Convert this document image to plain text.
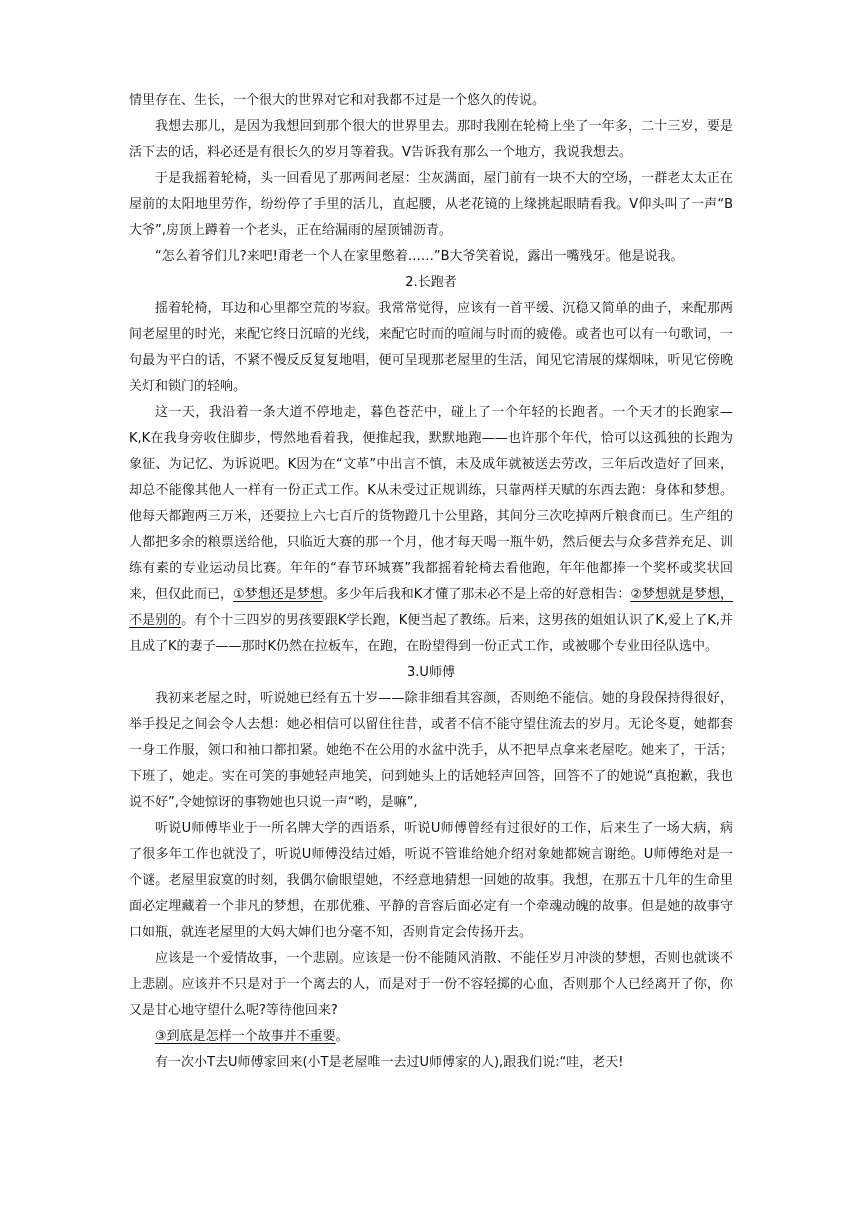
情里存在、生长，一个很大的世界对它和对我都不过是一个悠久的传说。

我想去那儿，是因为我想回到那个很大的世界里去。那时我刚在轮椅上坐了一年多，二十三岁，要是活下去的话，料必还是有很长久的岁月等着我。V告诉我有那么一个地方，我说我想去。

于是我摇着轮椅，头一回看见了那两间老屋：尘灰满面，屋门前有一块不大的空场，一群老太太正在屋前的太阳地里劳作，纷纷停了手里的活儿，直起腰，从老花镜的上缘挑起眼睛看我。V仰头叫了一声“B大爷”,房顶上蹲着一个老头，正在给漏雨的屋顶铺沥青。

“怎么着爷们儿?来吧!甭老一个人在家里憋着……”B大爷笑着说，露出一嘴残牙。他是说我。

2.长跑者

摇着轮椅，耳边和心里都空荒的岑寂。我常常觉得，应该有一首平缓、沉稳又简单的曲子，来配那两间老屋里的时光，来配它终日沉暗的光线，来配它时而的喧闹与时而的疲倦。或者也可以有一句歌词，一句最为平白的话，不紧不慢反反复复地唱，便可呈现那老屋里的生活，闻见它清展的煤烟味，听见它傍晚关灯和锁门的轻响。

这一天，我沿着一条大道不停地走，暮色苍茫中，碰上了一个年轻的长跑者。一个天才的长跑家—K,K在我身旁收住脚步，愕然地看着我，便推起我，默默地跑——也许那个年代，恰可以这孤独的长跑为象征、为记忆、为诉说吧。K因为在“文革”中出言不慎，未及成年就被送去劳改，三年后改造好了回来，却总不能像其他人一样有一份正式工作。K从未受过正规训练，只靠两样天赋的东西去跑：身体和梦想。他每天都跑两三万米，还要拉上六七百斤的货物蹬几十公里路，其间分三次吃掉两斤粮食而已。生产组的人都把多余的粮票送给他，只临近大赛的那一个月，他才每天喝一瓶牛奶，然后便去与众多营养充足、训练有素的专业运动员比赛。年年的“春节环城赛”我都摇着轮椅去看他跑，年年他都捧一个奖杯或奖状回来，但仅此而已，①梦想还是梦想。多少年后我和K才懂了那未必不是上帝的好意相告：②梦想就是梦想，不是别的。有个十三四岁的男孩要跟K学长跑，K便当起了教练。后来，这男孩的姐姐认识了K,爱上了K,并且成了K的妻子——那时K仍然在拉板车，在跑，在盼望得到一份正式工作，或被哪个专业田径队选中。

3.U师傅

我初来老屋之时，听说她已经有五十岁——除非细看其容颜，否则绝不能信。她的身段保持得很好，举手投足之间会令人去想：她必相信可以留住往昔，或者不信不能守望住流去的岁月。无论冬夏，她都套一身工作服，领口和袖口都扣紧。她绝不在公用的水盆中洗手，从不把早点拿来老屋吃。她来了，干活；下班了，她走。实在可笑的事她轻声地笑，问到她头上的话她轻声回答，回答不了的她说“真抱歉，我也说不好”,令她惊讶的事物她也只说一声“哟，是嘛”,

听说U师傅毕业于一所名牌大学的西语系，听说U师傅曾经有过很好的工作，后来生了一场大病，病了很多年工作也就没了，听说U师傅没结过婚，听说不管谁给她介绍对象她都婉言谢绝。U师傅绝对是一个谜。老屋里寂寞的时刻，我偶尔偷眼望她，不经意地猜想一回她的故事。我想，在那五十几年的生命里面必定埋藏着一个非凡的梦想，在那优雅、平静的音容后面必定有一个牵魂动魄的故事。但是她的故事守口如瓶，就连老屋里的大妈大婶们也分毫不知，否则肯定会传扬开去。

应该是一个爱情故事，一个悲剧。应该是一份不能随风消散、不能任岁月冲淡的梦想，否则也就谈不上悲剧。应该并不只是对于一个离去的人，而是对于一份不容轻掷的心血，否则那个人已经离开了你，你又是甘心地守望什么呢?等待他回来?

③到底是怎样一个故事并不重要。

有一次小T去U师傅家回来(小T是老屋唯一去过U师傅家的人),跟我们说:“哇，老天!
